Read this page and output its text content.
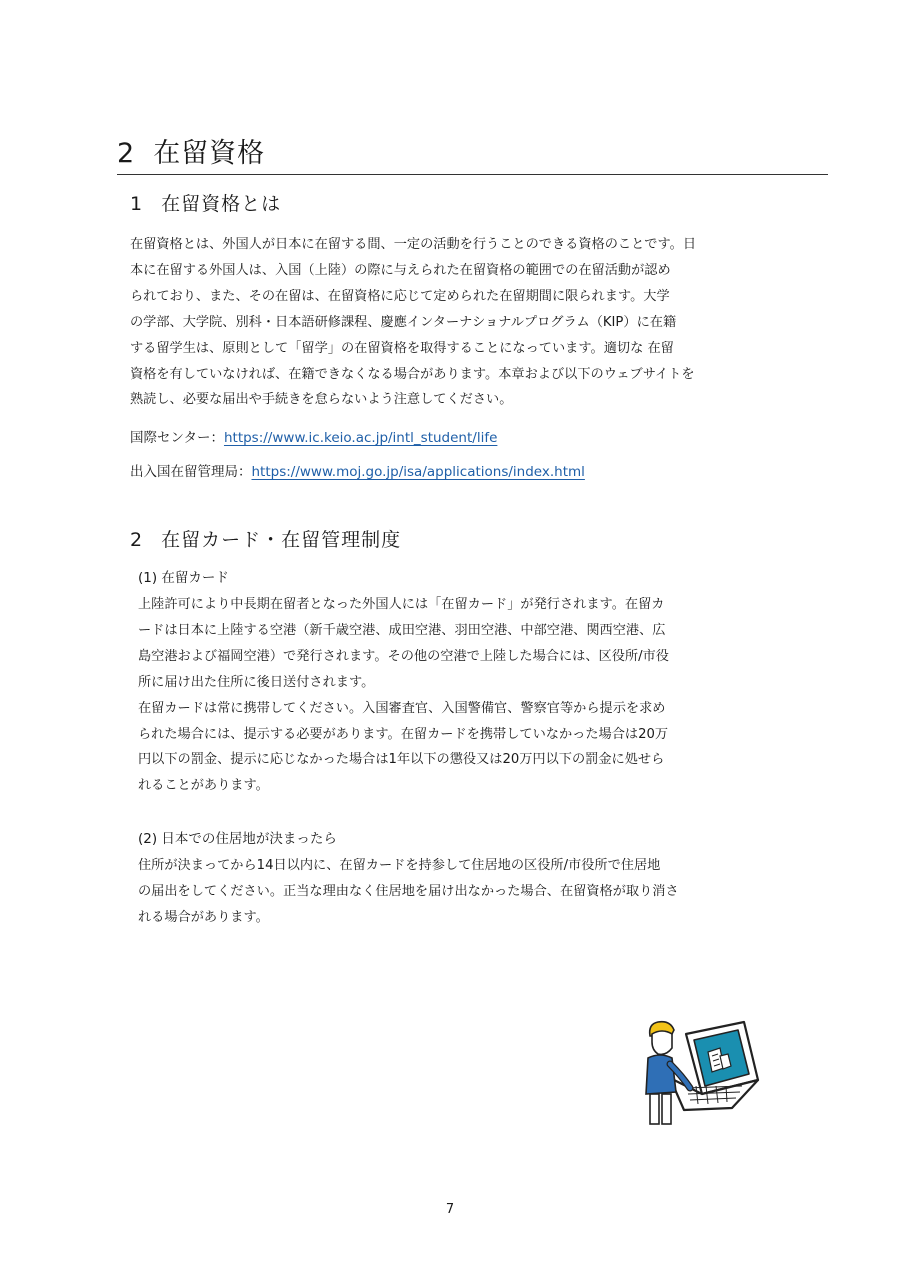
2 在留資格
1 在留資格とは

在留資格とは、外国人が日本に在留する間、一定の活動を行うことのできる資格のことです。日
本に在留する外国人は、入国（上陸）の際に与えられた在留資格の範囲での在留活動が認め
られており、また、その在留は、在留資格に応じて定められた在留期間に限られます。大学
の学部、大学院、別科・日本語研修課程、慶應インターナショナルプログラム（KIP）に在籍
する留学生は、原則として「留学」の在留資格を取得することになっています。適切な 在留
資格を有していなければ、在籍できなくなる場合があります。本章および以下のウェブサイトを
熟読し、必要な届出や手続きを怠らないよう注意してください。

国際センター：https://www.ic.keio.ac.jp/intl_student/life
出入国在留管理局：https://www.moj.go.jp/isa/applications/index.html
2 在留カード・在留管理制度
(1) 在留カード

上陸許可により中長期在留者となった外国人には「在留カード」が発行されます。在留カ
ードは日本に上陸する空港（新千歳空港、成田空港、羽田空港、中部空港、関西空港、広
島空港および福岡空港）で発行されます。その他の空港で上陸した場合には、区役所/市役
所に届け出た住所に後日送付されます。
在留カードは常に携帯してください。入国審査官、入国警備官、警察官等から提示を求め
られた場合には、提示する必要があります。在留カードを携帯していなかった場合は20万
円以下の罰金、提示に応じなかった場合は1年以下の懲役又は20万円以下の罰金に処せら
れることがあります。

(2) 日本での住居地が決まったら

住所が決まってから14日以内に、在留カードを持参して住居地の区役所/市役所で住居地
の届出をしてください。正当な理由なく住居地を届け出なかった場合、在留資格が取り消さ
れる場合があります。

7
